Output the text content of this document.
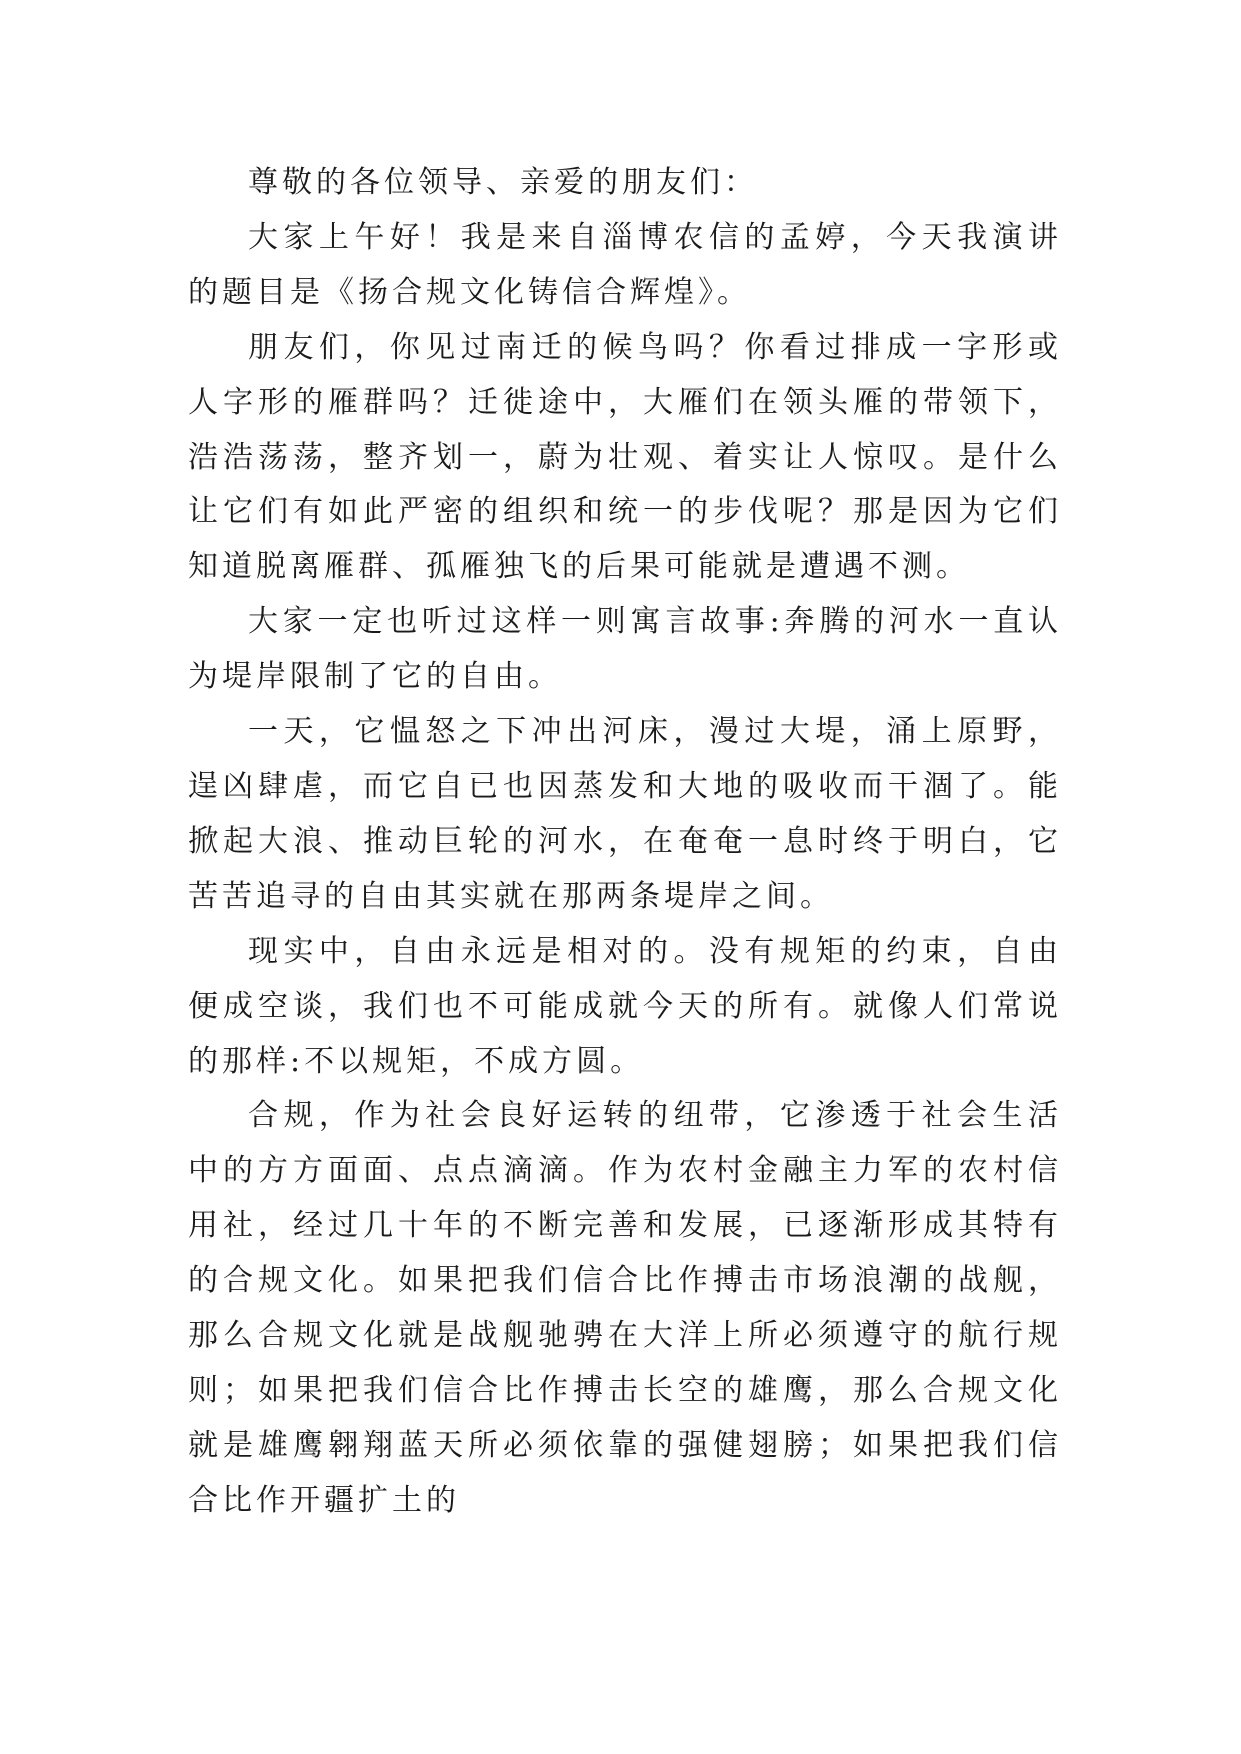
尊敬的各位领导、亲爱的朋友们：

大家上午好！我是来自淄博农信的孟婷，今天我演讲的题目是《扬合规文化铸信合辉煌》。

朋友们，你见过南迁的候鸟吗？你看过排成一字形或人字形的雁群吗？迁徙途中，大雁们在领头雁的带领下，浩浩荡荡，整齐划一，蔚为壮观、着实让人惊叹。是什么让它们有如此严密的组织和统一的步伐呢？那是因为它们知道脱离雁群、孤雁独飞的后果可能就是遭遇不测。

大家一定也听过这样一则寓言故事:奔腾的河水一直认为堤岸限制了它的自由。

一天，它愠怒之下冲出河床，漫过大堤，涌上原野，逞凶肆虐，而它自已也因蒸发和大地的吸收而干涸了。能掀起大浪、推动巨轮的河水，在奄奄一息时终于明白，它苦苦追寻的自由其实就在那两条堤岸之间。

现实中，自由永远是相对的。没有规矩的约束，自由便成空谈，我们也不可能成就今天的所有。就像人们常说的那样:不以规矩，不成方圆。

合规，作为社会良好运转的纽带，它渗透于社会生活中的方方面面、点点滴滴。作为农村金融主力军的农村信用社，经过几十年的不断完善和发展，已逐渐形成其特有的合规文化。如果把我们信合比作搏击市场浪潮的战舰，那么合规文化就是战舰驰骋在大洋上所必须遵守的航行规则；如果把我们信合比作搏击长空的雄鹰，那么合规文化就是雄鹰翱翔蓝天所必须依靠的强健翅膀；如果把我们信合比作开疆扩土的
